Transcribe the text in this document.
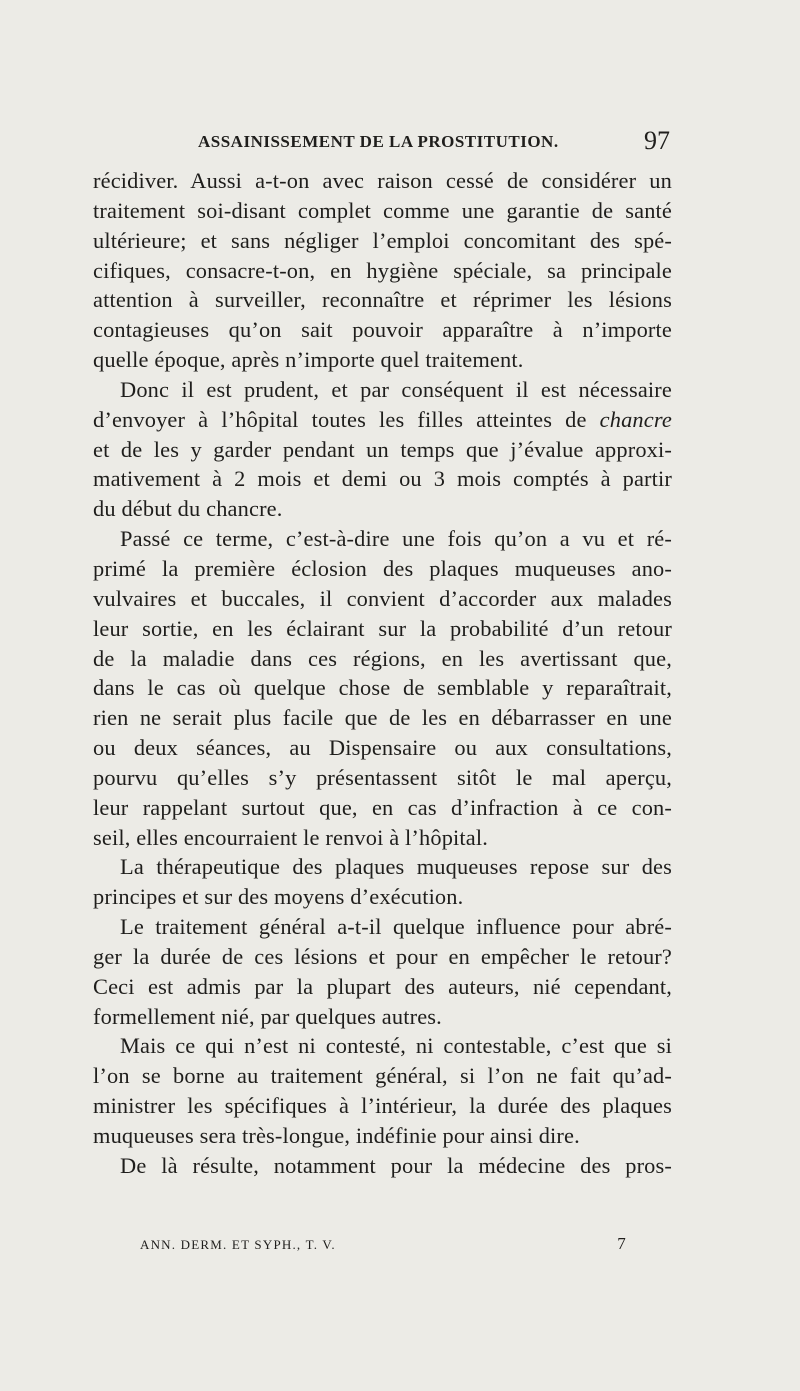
ASSAINISSEMENT DE LA PROSTITUTION.	97
récidiver. Aussi a-t-on avec raison cessé de considérer un
traitement soi-disant complet comme une garantie de santé
ultérieure; et sans négliger l’emploi concomitant des spé-
cifiques, consacre-t-on, en hygiène spéciale, sa principale
attention à surveiller, reconnaître et réprimer les lésions
contagieuses qu’on sait pouvoir apparaître à n’importe
quelle époque, après n’importe quel traitement.
Donc il est prudent, et par conséquent il est nécessaire
d’envoyer à l’hôpital toutes les filles atteintes de chancre
et de les y garder pendant un temps que j’évalue approxi-
mativement à 2 mois et demi ou 3 mois comptés à partir
du début du chancre.
Passé ce terme, c’est-à-dire une fois qu’on a vu et ré-
primé la première éclosion des plaques muqueuses ano-
vulvaires et buccales, il convient d’accorder aux malades
leur sortie, en les éclairant sur la probabilité d’un retour
de la maladie dans ces régions, en les avertissant que,
dans le cas où quelque chose de semblable y reparaîtrait,
rien ne serait plus facile que de les en débarrasser en une
ou deux séances, au Dispensaire ou aux consultations,
pourvu qu’elles s’y présentassent sitôt le mal aperçu,
leur rappelant surtout que, en cas d’infraction à ce con-
seil, elles encourraient le renvoi à l’hôpital.
La thérapeutique des plaques muqueuses repose sur des
principes et sur des moyens d’exécution.
Le traitement général a-t-il quelque influence pour abré-
ger la durée de ces lésions et pour en empêcher le retour?
Ceci est admis par la plupart des auteurs, nié cependant,
formellement nié, par quelques autres.
Mais ce qui n’est ni contesté, ni contestable, c’est que si
l’on se borne au traitement général, si l’on ne fait qu’ad-
ministrer les spécifiques à l’intérieur, la durée des plaques
muqueuses sera très-longue, indéfinie pour ainsi dire.
De là résulte, notamment pour la médecine des pros-
ANN. DERM. ET SYPH., T. V.	7
